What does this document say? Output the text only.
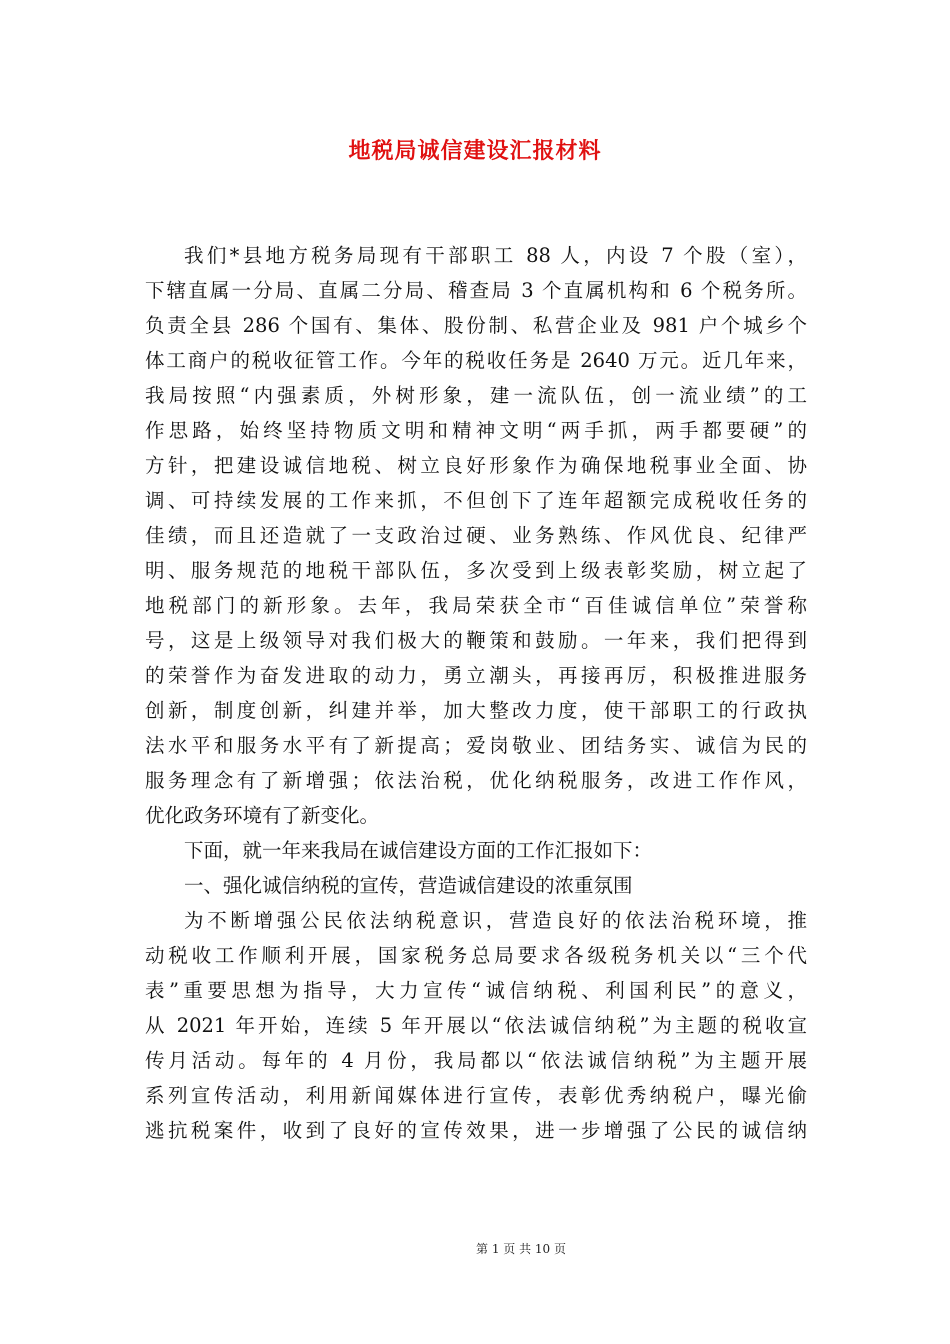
地税局诚信建设汇报材料
我们*县地方税务局现有干部职工 88 人，内设 7 个股（室），
下辖直属一分局、直属二分局、稽查局 3 个直属机构和 6 个税务所。
负责全县 286 个国有、集体、股份制、私营企业及 981 户个城乡个
体工商户的税收征管工作。今年的税收任务是 2640 万元。近几年来，
我局按照“内强素质，外树形象，建一流队伍，创一流业绩”的工
作思路，始终坚持物质文明和精神文明“两手抓，两手都要硬”的
方针，把建设诚信地税、树立良好形象作为确保地税事业全面、协
调、可持续发展的工作来抓，不但创下了连年超额完成税收任务的
佳绩，而且还造就了一支政治过硬、业务熟练、作风优良、纪律严
明、服务规范的地税干部队伍，多次受到上级表彰奖励，树立起了
地税部门的新形象。去年，我局荣获全市“百佳诚信单位”荣誉称
号，这是上级领导对我们极大的鞭策和鼓励。一年来，我们把得到
的荣誉作为奋发进取的动力，勇立潮头，再接再厉，积极推进服务
创新，制度创新，纠建并举，加大整改力度，使干部职工的行政执
法水平和服务水平有了新提高；爱岗敬业、团结务实、诚信为民的
服务理念有了新增强；依法治税，优化纳税服务，改进工作作风，
优化政务环境有了新变化。
下面，就一年来我局在诚信建设方面的工作汇报如下：
一、强化诚信纳税的宣传，营造诚信建设的浓重氛围
为不断增强公民依法纳税意识，营造良好的依法治税环境，推
动税收工作顺利开展，国家税务总局要求各级税务机关以“三个代
表”重要思想为指导，大力宣传“诚信纳税、利国利民”的意义，
从 2021 年开始，连续 5 年开展以“依法诚信纳税”为主题的税收宣
传月活动。每年的 4 月份，我局都以“依法诚信纳税”为主题开展
系列宣传活动，利用新闻媒体进行宣传，表彰优秀纳税户，曝光偷
逃抗税案件，收到了良好的宣传效果，进一步增强了公民的诚信纳
第 1 页 共 10 页
